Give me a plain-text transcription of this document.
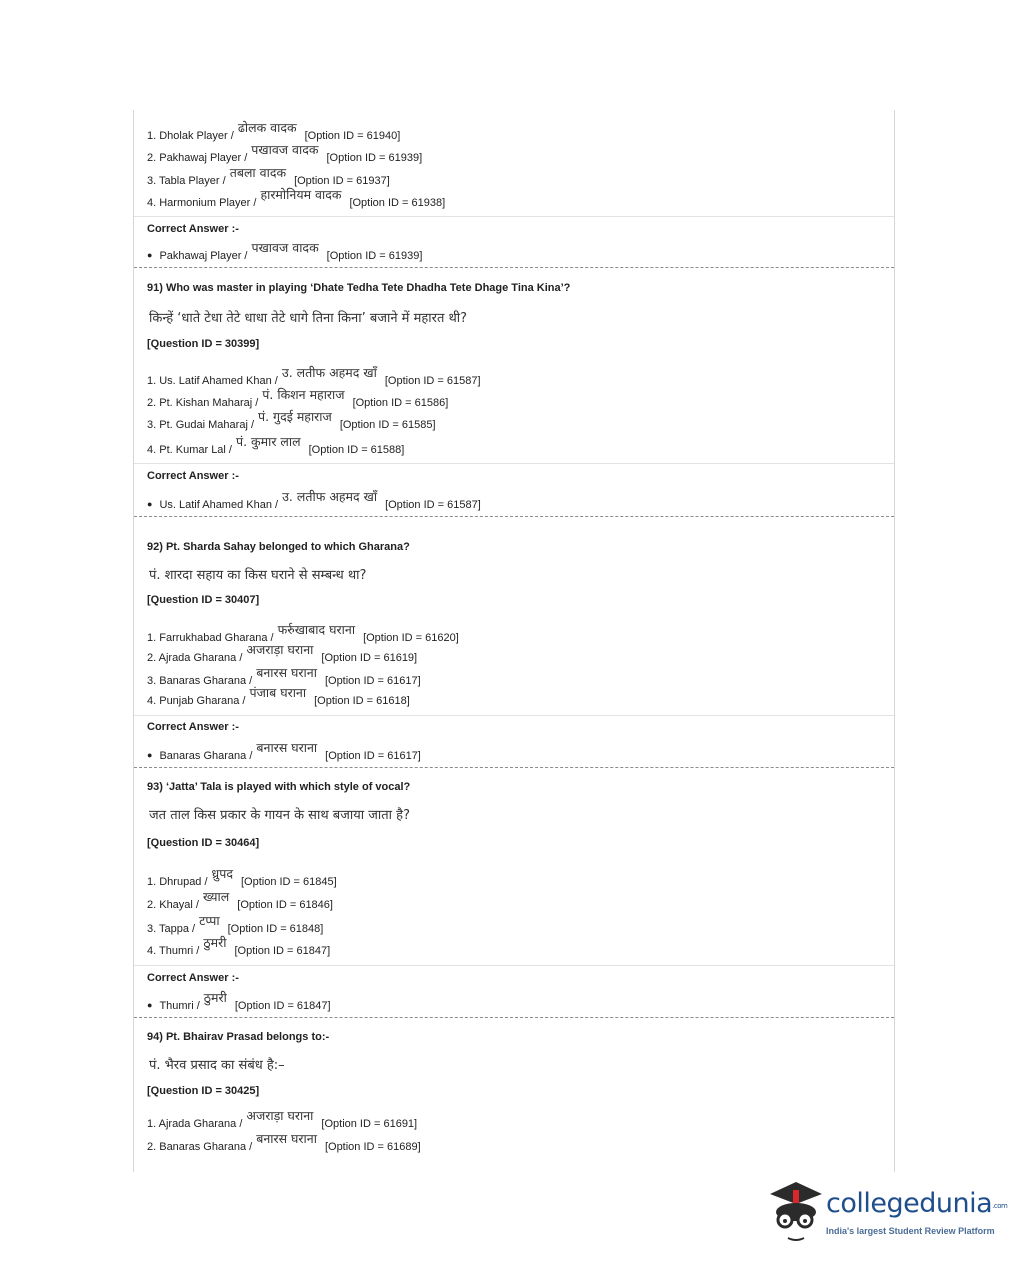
1. Dholak Player /ढोलक वादक[Option ID = 61940]
2. Pakhawaj Player /पखावज वादक[Option ID = 61939]
3. Tabla Player /तबला वादक[Option ID = 61937]
4. Harmonium Player /हारमोनियम वादक[Option ID = 61938]
Correct Answer :-
● Pakhawaj Player /पखावज वादक[Option ID = 61939]
91) Who was master in playing ‘Dhate Tedha Tete Dhadha Tete Dhage Tina Kina’?
किन्हें ‘धाते टेधा तेटे धाधा तेटे धागे तिना किना’ बजाने में महारत थी?
[Question ID = 30399]
1. Us. Latif Ahamed Khan /उ. लतीफ अहमद खाँ[Option ID = 61587]
2. Pt. Kishan Maharaj /पं. किशन महाराज[Option ID = 61586]
3. Pt. Gudai Maharaj /पं. गुदई महाराज[Option ID = 61585]
4. Pt. Kumar Lal /पं. कुमार लाल[Option ID = 61588]
Correct Answer :-
● Us. Latif Ahamed Khan /उ. लतीफ अहमद खाँ[Option ID = 61587]
92) Pt. Sharda Sahay belonged to which Gharana?
पं. शारदा सहाय का किस घराने से सम्बन्ध था?
[Question ID = 30407]
1. Farrukhabad Gharana /फर्रुखाबाद घराना[Option ID = 61620]
2. Ajrada Gharana /अजराड़ा घराना[Option ID = 61619]
3. Banaras Gharana /बनारस घराना[Option ID = 61617]
4. Punjab Gharana /पंजाब घराना[Option ID = 61618]
Correct Answer :-
● Banaras Gharana /बनारस घराना[Option ID = 61617]
93) ‘Jatta’ Tala is played with which style of vocal?
जत ताल किस प्रकार के गायन के साथ बजाया जाता है?
[Question ID = 30464]
1. Dhrupad /ध्रुपद[Option ID = 61845]
2. Khayal /ख्याल[Option ID = 61846]
3. Tappa /टप्पा[Option ID = 61848]
4. Thumri /ठुमरी[Option ID = 61847]
Correct Answer :-
● Thumri /ठुमरी[Option ID = 61847]
94) Pt. Bhairav Prasad belongs to:-
पं. भैरव प्रसाद का संबंध है:–
[Question ID = 30425]
1. Ajrada Gharana /अजराड़ा घराना[Option ID = 61691]
2. Banaras Gharana /बनारस घराना[Option ID = 61689]
collegedunia.com
India's largest Student Review Platform
